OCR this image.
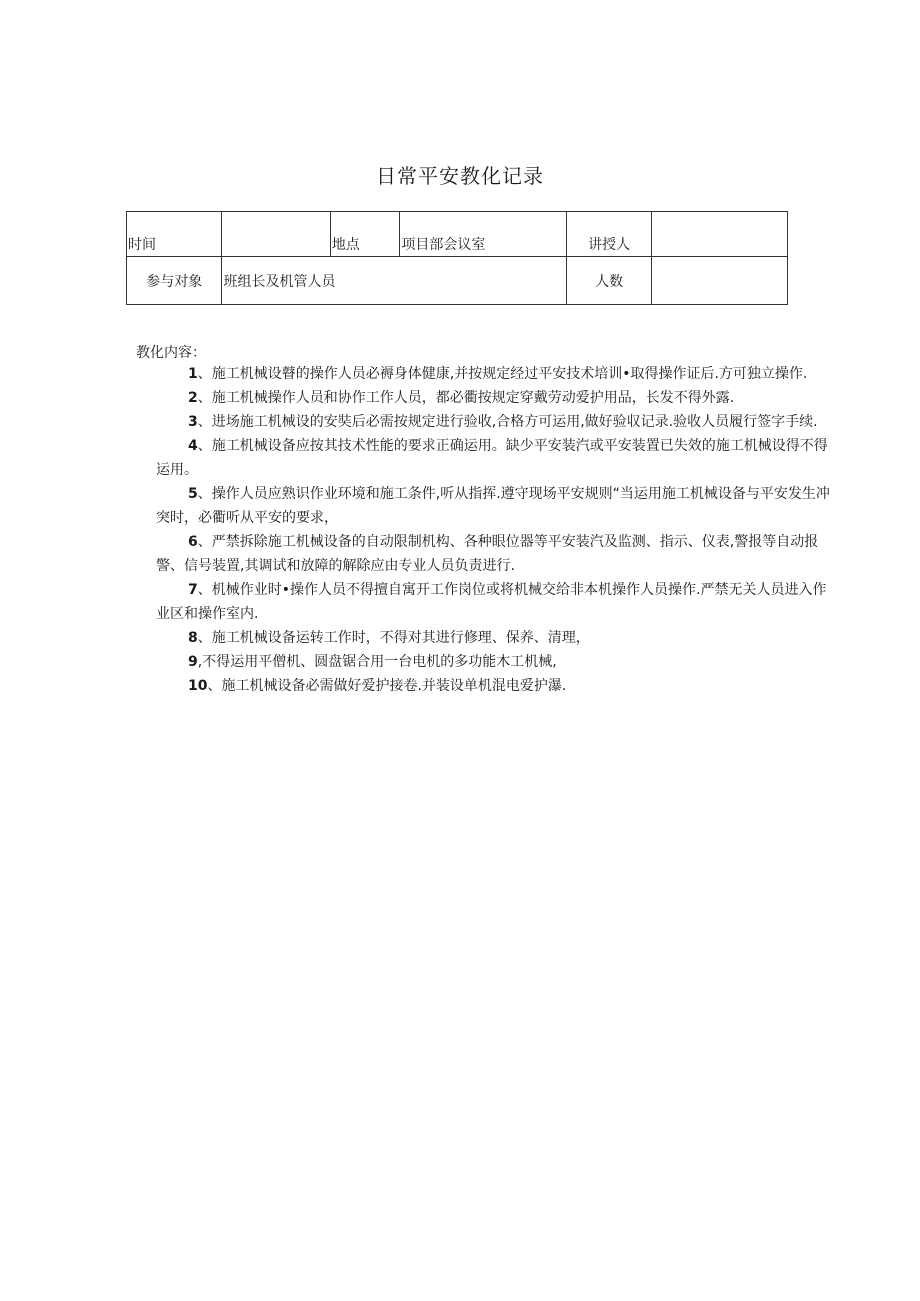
日常平安教化记录
时间		地点	项目部会议室	讲授人	
参与对象	班组长及机管人员			人数	
教化内容：
1、施工机械设瞽的操作人员必褥身体健康,并按规定经过平安技术培训•取得操作证后.方可独立操作.
2、施工机械操作人员和协作工作人员，都必衢按规定穿戴劳动爱护用品，长发不得外露.
3、进场施工机械设的安奘后必需按规定进行验收,合格方可运用,做好验収记录.验收人员履行签字手续.
4、施工机械设备应按其技术性能的要求正确运用。缺少平安装汽或平安装置已失效的施工机械设得不得运用。
5、操作人员应熟识作业环境和施工条件,听从指挥.遵守现场平安规则“当运用施工机械设备与平安发生冲突时，必衢听从平安的要求，
6、严禁拆除施工机械设备的自动限制机构、各种眼位器等平安装汽及监测、指示、仪表,警报等自动报警、信号装置,其调试和放障的解除应由专业人员负责进行.
7、机械作业时•操作人员不得擅自寓开工作岗位或将机械交给非本机操作人员操作.严禁无关人员进入作业区和操作室内.
8、施工机械设备运转工作时，不得对其进行修理、保养、清理，
9,不得运用平僧机、圆盘锯合用一台电机的多功能木工机械,
10、施工机械设备必需做好爱护接卷.并装设单机混电爱护瀑.
